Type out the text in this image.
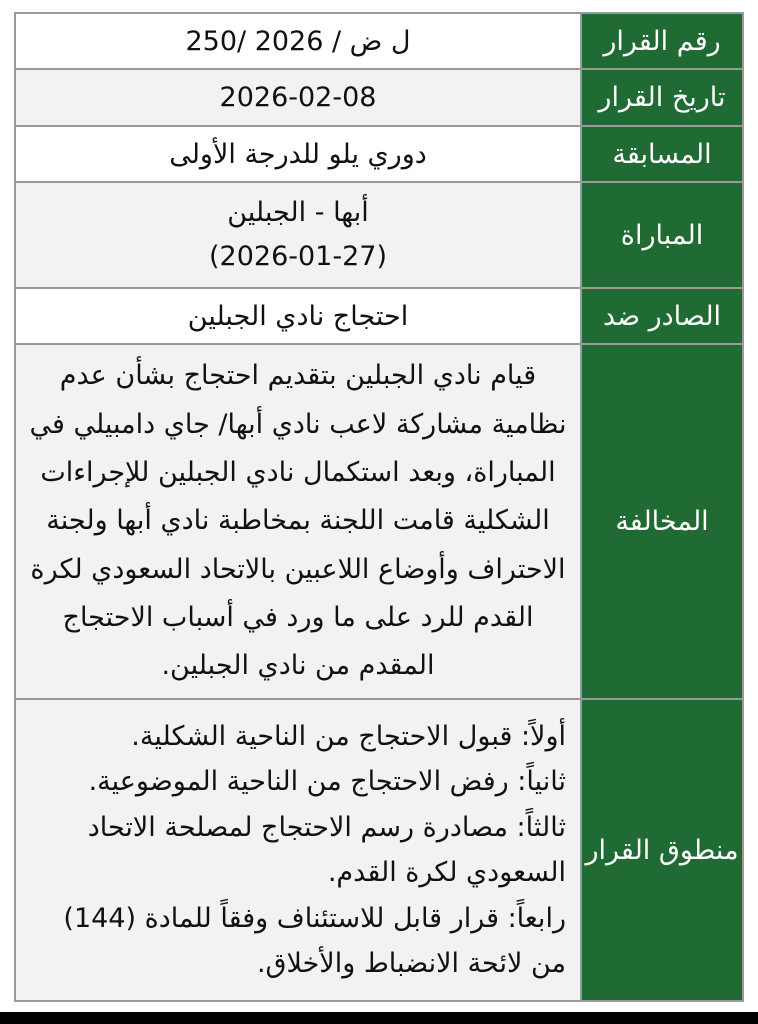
رقم القرار	250/ ل ض / 2026
تاريخ القرار	2026-02-08
المسابقة	دوري يلو للدرجة الأولى
المباراة	أبها - الجبلين
(2026-01-27)

الصادر ضد	احتجاج نادي الجبلين
المخالفة	قيام نادي الجبلين بتقديم احتجاج بشأن عدم نظامية مشاركة لاعب نادي أبها/ جاي دامبيلي في المباراة، وبعد استكمال نادي الجبلين للإجراءات الشكلية قامت اللجنة بمخاطبة نادي أبها ولجنة الاحتراف وأوضاع اللاعبين بالاتحاد السعودي لكرة القدم للرد على ما ورد في أسباب الاحتجاج المقدم من نادي الجبلين.

منطوق القرار	أولاً: قبول الاحتجاج من الناحية الشكلية.
ثانياً: رفض الاحتجاج من الناحية الموضوعية.
ثالثاً: مصادرة رسم الاحتجاج لمصلحة الاتحاد السعودي لكرة القدم.
رابعاً: قرار قابل للاستئناف وفقاً للمادة (144) من لائحة الانضباط والأخلاق.
